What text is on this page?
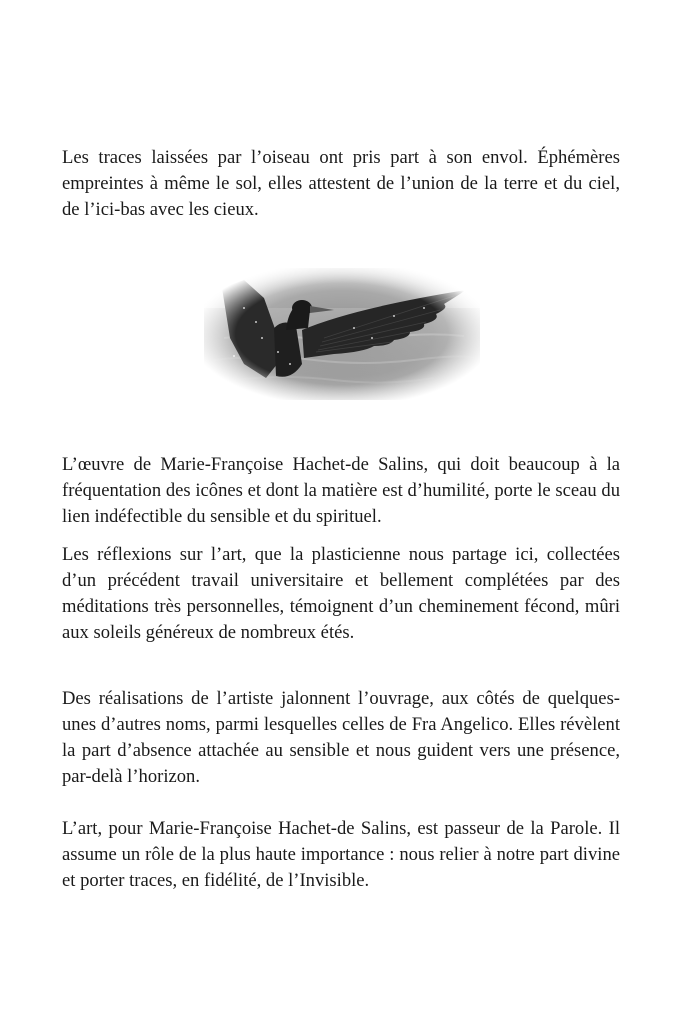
Les traces laissées par l’oiseau ont pris part à son envol. Éphémères empreintes à même le sol, elles attestent de l’union de la terre et du ciel, de l’ici-bas avec les cieux.

L’œuvre de Marie-Françoise Hachet-de Salins, qui doit beaucoup à la fréquentation des icônes et dont la matière est d’humilité, porte le sceau du lien indéfectible du sensible et du spirituel.

Les réflexions sur l’art, que la plasticienne nous partage ici, collectées d’un précédent travail universitaire et bellement complétées par des méditations très personnelles, témoignent d’un cheminement fécond, mûri aux soleils généreux de nombreux étés.

Des réalisations de l’artiste jalonnent l’ouvrage, aux côtés de quelques-unes d’autres noms, parmi lesquelles celles de Fra Angelico. Elles révèlent la part d’absence attachée au sensible et nous guident vers une présence, par-delà l’horizon.

L’art, pour Marie-Françoise Hachet-de Salins, est passeur de la Parole. Il assume un rôle de la plus haute importance : nous relier à notre part divine et porter traces, en fidélité, de l’Invisible.
